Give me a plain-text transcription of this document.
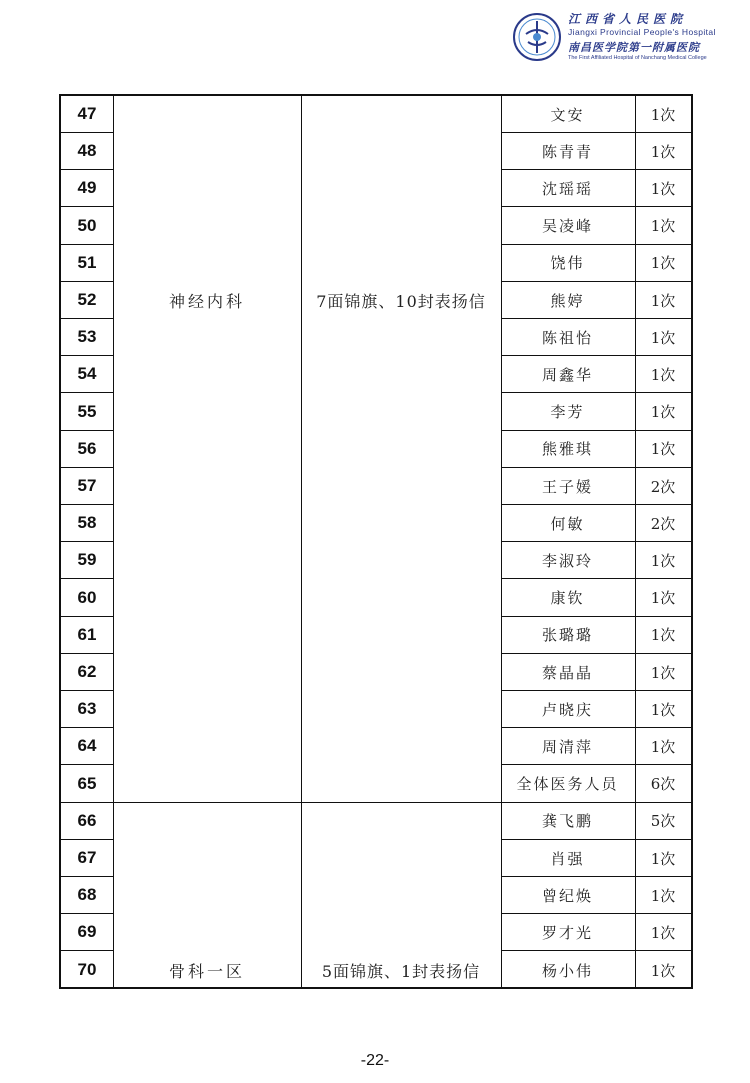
江西省人民医院
Jiangxi Provincial People's Hospital
南昌医学院第一附属医院
The First Affiliated Hospital of Nanchang Medical College
神经内科	7面锦旗、10封表扬信
47	文安	1次
48	陈青青	1次
49	沈瑶瑶	1次
50	吴凌峰	1次
51	饶伟	1次
52	熊婷	1次
53	陈祖怡	1次
54	周鑫华	1次
55	李芳	1次
56	熊雅琪	1次
57	王子媛	2次
58	何敏	2次
59	李淑玲	1次
60	康钦	1次
61	张璐璐	1次
62	蔡晶晶	1次
63	卢晓庆	1次
64	周清萍	1次
65	全体医务人员	6次
骨科一区	5面锦旗、1封表扬信
66	龚飞鹏	5次
67	肖强	1次
68	曾纪焕	1次
69	罗才光	1次
70	杨小伟	1次
-22-
